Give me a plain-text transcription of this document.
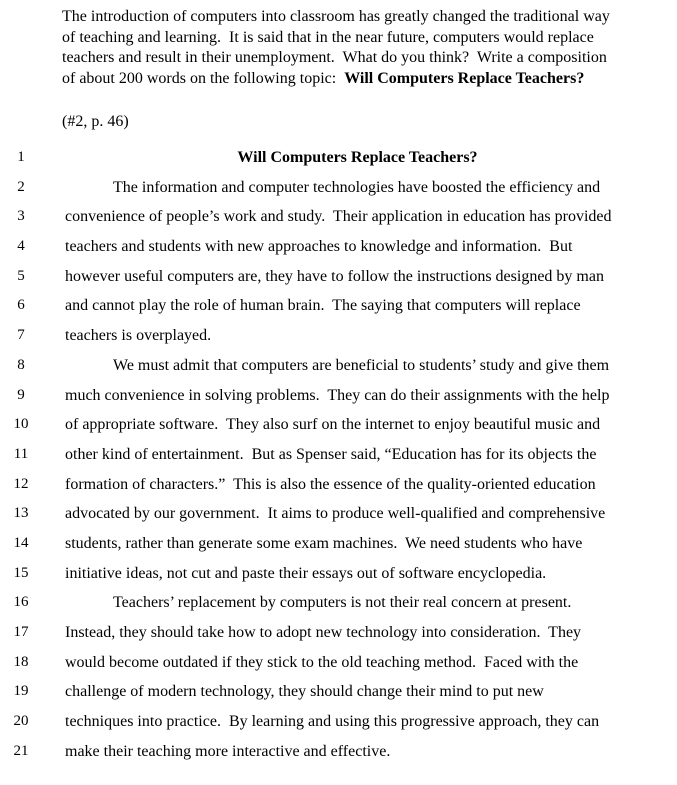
The introduction of computers into classroom has greatly changed the traditional way
of teaching and learning.  It is said that in the near future, computers would replace
teachers and result in their unemployment.  What do you think?  Write a composition
of about 200 words on the following topic:  Will Computers Replace Teachers?
(#2, p. 46)
1	Will Computers Replace Teachers?
2	The information and computer technologies have boosted the efficiency and
3	convenience of people’s work and study.  Their application in education has provided
4	teachers and students with new approaches to knowledge and information.  But
5	however useful computers are, they have to follow the instructions designed by man
6	and cannot play the role of human brain.  The saying that computers will replace
7	teachers is overplayed.
8	We must admit that computers are beneficial to students’ study and give them
9	much convenience in solving problems.  They can do their assignments with the help
10	of appropriate software.  They also surf on the internet to enjoy beautiful music and
11	other kind of entertainment.  But as Spenser said, “Education has for its objects the
12	formation of characters.”  This is also the essence of the quality-oriented education
13	advocated by our government.  It aims to produce well-qualified and comprehensive
14	students, rather than generate some exam machines.  We need students who have
15	initiative ideas, not cut and paste their essays out of software encyclopedia.
16	Teachers’ replacement by computers is not their real concern at present.
17	Instead, they should take how to adopt new technology into consideration.  They
18	would become outdated if they stick to the old teaching method.  Faced with the
19	challenge of modern technology, they should change their mind to put new
20	techniques into practice.  By learning and using this progressive approach, they can
21	make their teaching more interactive and effective.
